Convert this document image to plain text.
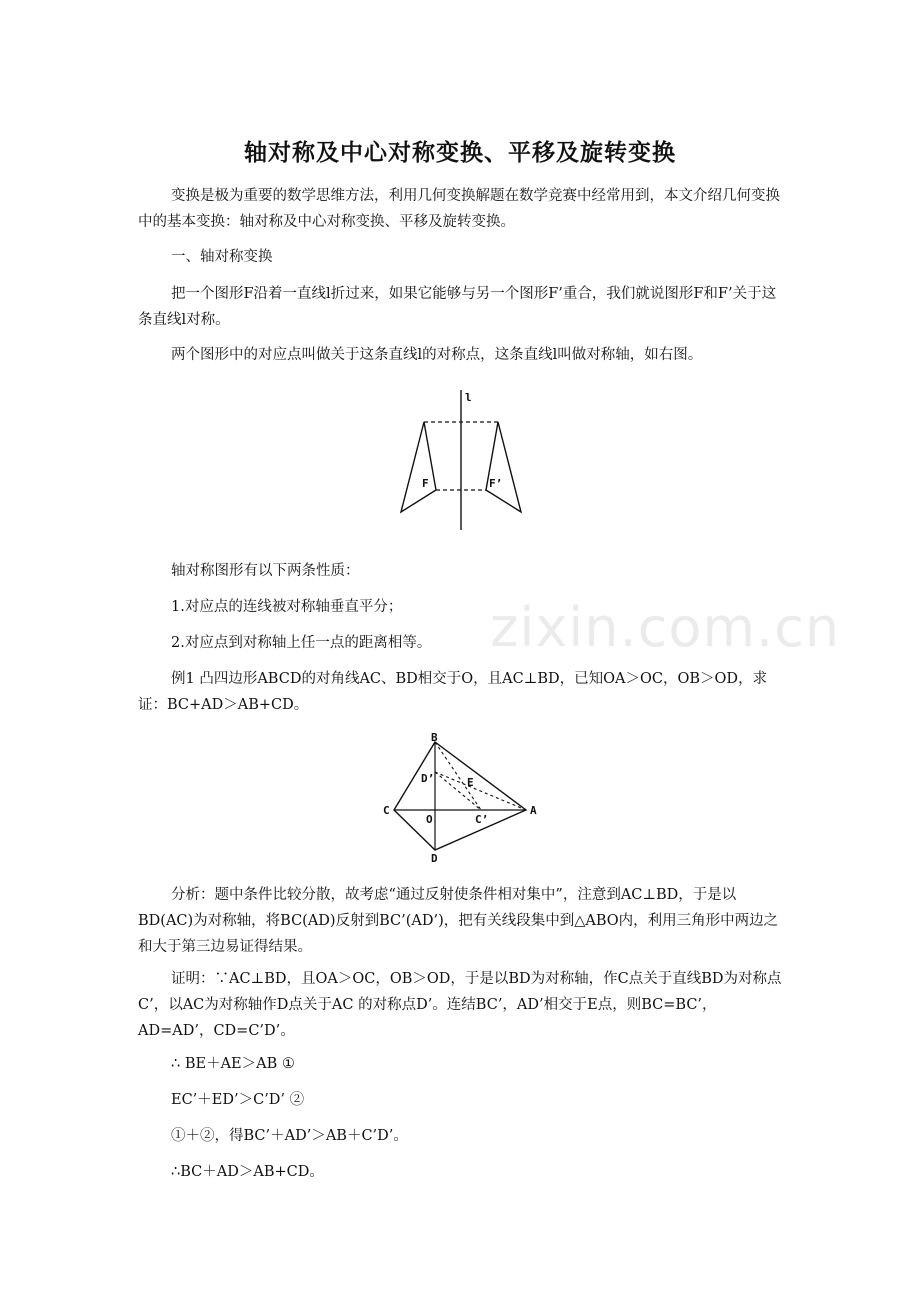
轴对称及中心对称变换、平移及旋转变换
变换是极为重要的数学思维方法，利用几何变换解题在数学竞赛中经常用到，本文介绍几何变换中的基本变换：轴对称及中心对称变换、平移及旋转变换。
一、轴对称变换
把一个图形F沿着一直线l折过来，如果它能够与另一个图形F’重合，我们就说图形F和F’关于这条直线l对称。
两个图形中的对应点叫做关于这条直线l的对称点，这条直线l叫做对称轴，如右图。
l
F	F’
轴对称图形有以下两条性质：
1.对应点的连线被对称轴垂直平分；
2.对应点到对称轴上任一点的距离相等。
例1 凸四边形ABCD的对角线AC、BD相交于O，且AC⊥BD，已知OA＞OC，OB＞OD，求证：BC+AD＞AB+CD。
B
D’	E
C
O	C’
A
D
分析：题中条件比较分散，故考虑“通过反射使条件相对集中”，注意到AC⊥BD，于是以BD(AC)为对称轴，将BC(AD)反射到BC’(AD’)，把有关线段集中到△ABO内，利用三角形中两边之和大于第三边易证得结果。
证明：∵AC⊥BD，且OA＞OC，OB＞OD，于是以BD为对称轴，作C点关于直线BD为对称点C’，以AC为对称轴作D点关于AC 的对称点D’。连结BC’，AD’相交于E点，则BC=BC’，AD=AD’，CD=C’D’。
∴ BE＋AE＞AB ①
EC’＋ED’＞C’D’ ②
①＋②，得BC’＋AD’＞AB＋C’D’。
∴BC＋AD＞AB+CD。
zixin.com.cn
